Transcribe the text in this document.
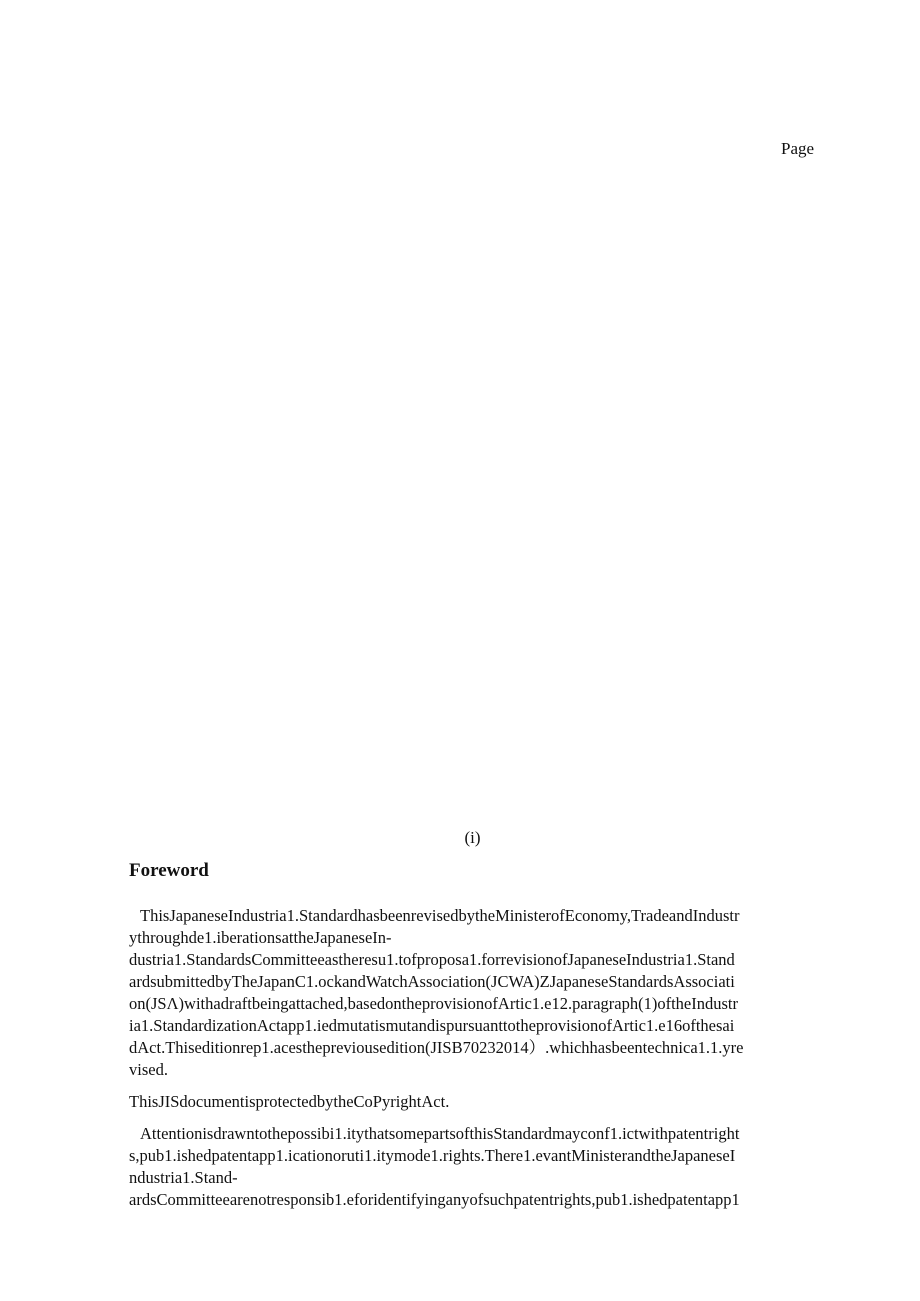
Page
(i)
Foreword

ThisJapaneseIndustria1.StandardhasbeenrevisedbytheMinisterofEconomy,TradeandIndustr
ythroughde1.iberationsattheJapaneseIn-
dustria1.StandardsCommitteeastheresu1.tofproposa1.forrevisionofJapaneseIndustria1.Stand
ardsubmittedbyTheJapanC1.ockandWatchAssociation(JCWA)ZJapaneseStandardsAssociati
on(JSΛ)withadraftbeingattached,basedontheprovisionofArtic1.e12.paragraph(1)oftheIndustr
ia1.StandardizationActapp1.iedmutatismutandispursuanttotheprovisionofArtic1.e16ofthesai
dAct.Thiseditionrep1.acesthepreviousedition(JISB70232014）.whichhasbeentechnica1.1.yre
vised.

ThisJISdocumentisprotectedbytheCoPyrightAct.

Attentionisdrawntothepossibi1.itythatsomepartsofthisStandardmayconf1.ictwithpatentright
s,pub1.ishedpatentapp1.icationoruti1.itymode1.rights.There1.evantMinisterandtheJapaneseI
ndustria1.Stand-
ardsCommitteearenotresponsib1.eforidentifyinganyofsuchpatentrights,pub1.ishedpatentapp1
